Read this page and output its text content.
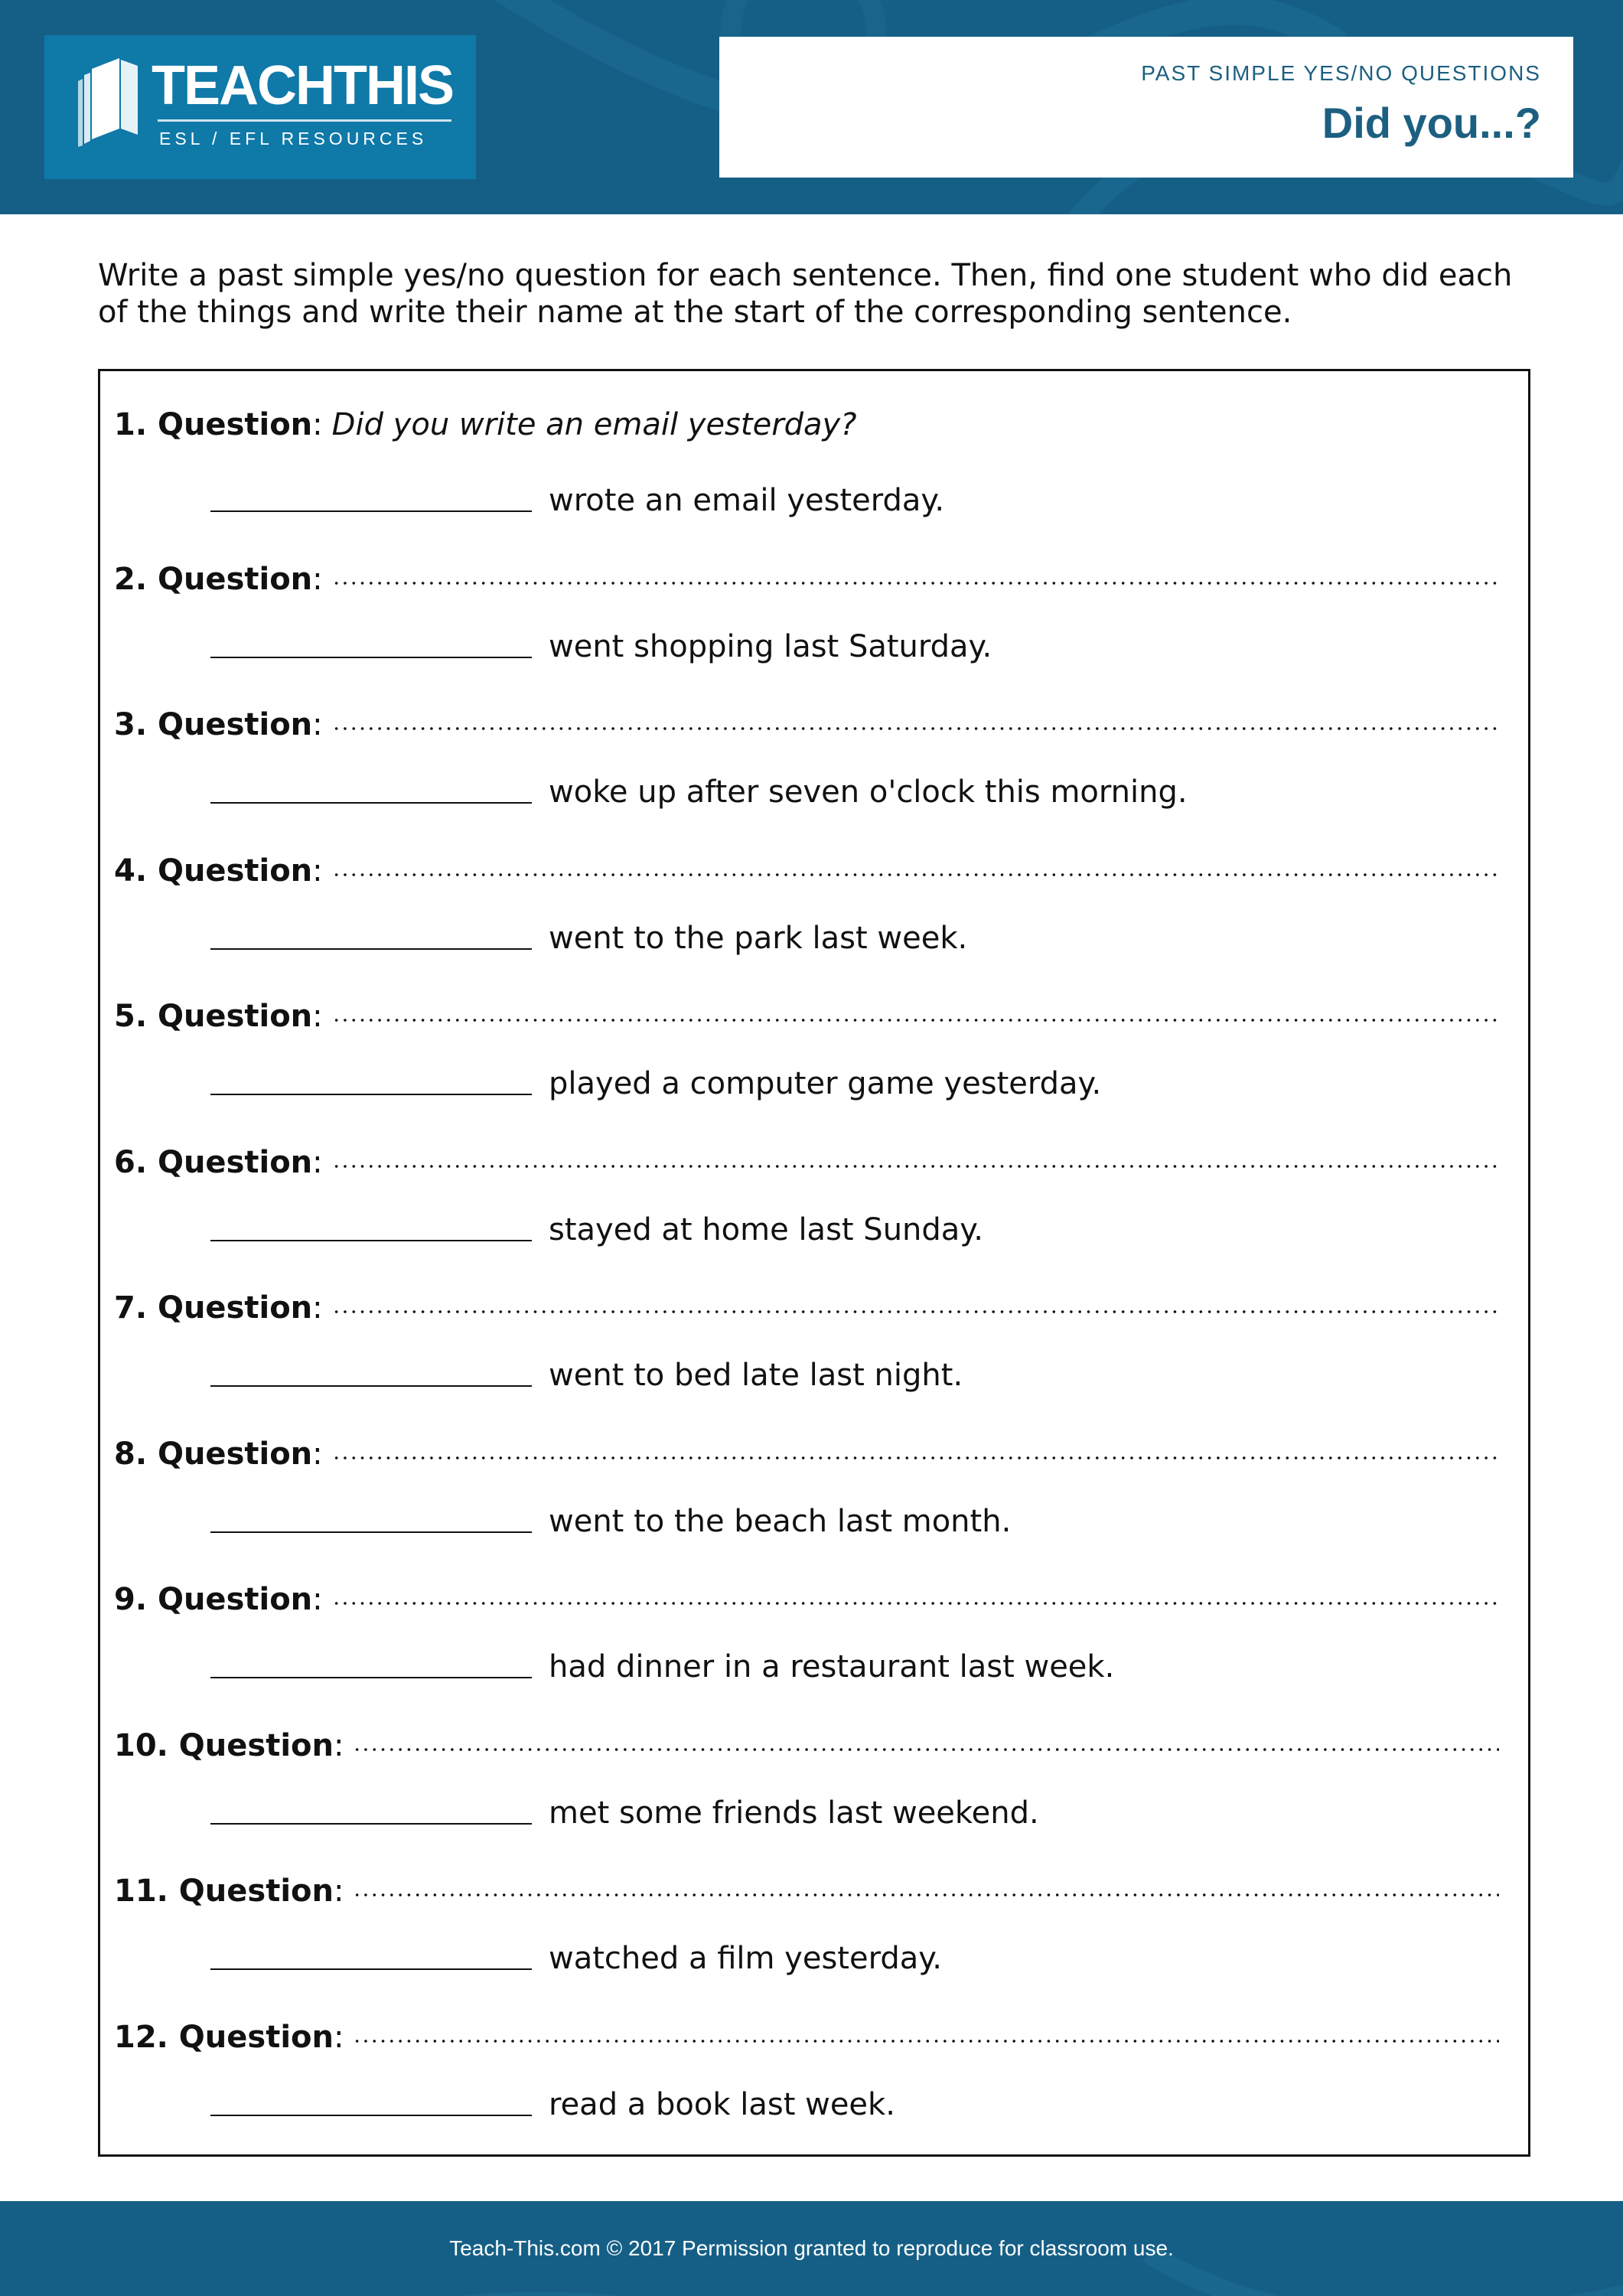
TEACHTHIS
ESL / EFL RESOURCES
PAST SIMPLE YES/NO QUESTIONS
Did you...?
Write a past simple yes/no question for each sentence. Then, find one student who did each of the things and write their name at the start of the corresponding sentence.
1. Question : Did you write an email yesterday?
wrote an email yesterday.
2. Question :
went shopping last Saturday.
3. Question :
woke up after seven o'clock this morning.
4. Question :
went to the park last week.
5. Question :
played a computer game yesterday.
6. Question :
stayed at home last Sunday.
7. Question :
went to bed late last night.
8. Question :
went to the beach last month.
9. Question :
had dinner in a restaurant last week.
10. Question :
met some friends last weekend.
11. Question :
watched a film yesterday.
12. Question :
read a book last week.
Teach-This.com © 2017 Permission granted to reproduce for classroom use.
